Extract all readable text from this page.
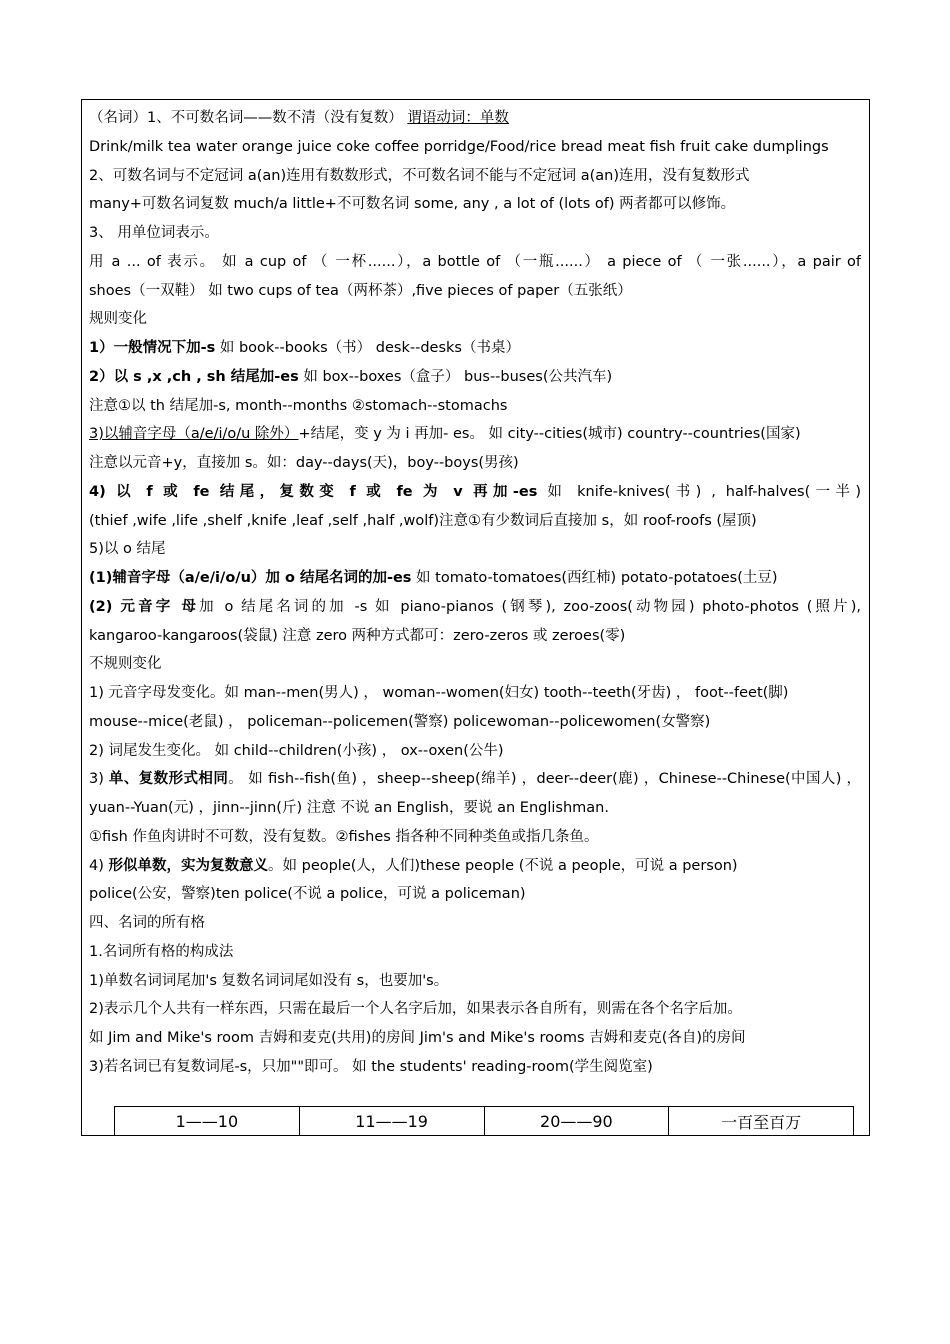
（名词）1、不可数名词——数不清（没有复数） 谓语动词：单数
Drink/milk tea water orange juice coke coffee porridge/Food/rice bread meat fish fruit cake dumplings
2、可数名词与不定冠词 a(an)连用有数数形式，不可数名词不能与不定冠词 a(an)连用，没有复数形式
many+可数名词复数 much/a little+不可数名词 some, any , a lot of (lots of) 两者都可以修饰。
3、 用单位词表示。
用 a ... of 表示。 如 a cup of （ 一杯......），a bottle of （一瓶......） a piece of （ 一张......），a pair of
shoes（一双鞋） 如 two cups of tea（两杯茶）,five pieces of paper（五张纸）
规则变化
1）一般情况下加-s 如 book--books（书） desk--desks（书桌）
2）以 s ,x ,ch , sh 结尾加-es 如 box--boxes（盒子） bus--buses(公共汽车)
注意①以 th 结尾加-s, month--months ②stomach--stomachs
3)以辅音字母（a/e/i/o/u 除外）+结尾，变 y 为 i 再加- es。 如 city--cities(城市) country--countries(国家)
注意以元音+y，直接加 s。如：day--days(天)，boy--boys(男孩)
4) 以 f 或 fe 结尾，复数变 f 或 fe 为 v 再加-es 如 knife-knives(书) , half-halves(一半)
(thief ,wife ,life ,shelf ,knife ,leaf ,self ,half ,wolf)注意①有少数词后直接加 s，如 roof-roofs (屋顶)
5)以 o 结尾
(1)辅音字母（a/e/i/o/u）加 o 结尾名词的加-es 如 tomato-tomatoes(西红柿) potato-potatoes(土豆)
(2) 元音字 母加 o 结尾名词的加 -s 如 piano-pianos (钢琴), zoo-zoos(动物园) photo-photos (照片),
kangaroo-kangaroos(袋鼠) 注意 zero 两种方式都可：zero-zeros 或 zeroes(零)
不规则变化
1) 元音字母发变化。如 man--men(男人) ， woman--women(妇女) tooth--teeth(牙齿) ， foot--feet(脚)
mouse--mice(老鼠) ， policeman--policemen(警察) policewoman--policewomen(女警察)
2) 词尾发生变化。 如 child--children(小孩) ， ox--oxen(公牛)
3) 单、复数形式相同。 如 fish--fish(鱼) ，sheep--sheep(绵羊) ，deer--deer(鹿) ，Chinese--Chinese(中国人) ，
yuan--Yuan(元) ，jinn--jinn(斤) 注意 不说 an English，要说 an Englishman.
①fish 作鱼肉讲时不可数，没有复数。②fishes 指各种不同种类鱼或指几条鱼。
4) 形似单数，实为复数意义。如 people(人，人们)these people (不说 a people，可说 a person)
police(公安，警察)ten police(不说 a police，可说 a policeman)
四、名词的所有格
1.名词所有格的构成法
1)单数名词词尾加's 复数名词词尾如没有 s，也要加's。
2)表示几个人共有一样东西，只需在最后一个人名字后加，如果表示各自所有，则需在各个名字后加。
如 Jim and Mike's room 吉姆和麦克(共用)的房间 Jim's and Mike's rooms 吉姆和麦克(各自)的房间
3)若名词已有复数词尾-s，只加""即可。 如 the students' reading-room(学生阅览室)
1——10	11——19	20——90	一百至百万
